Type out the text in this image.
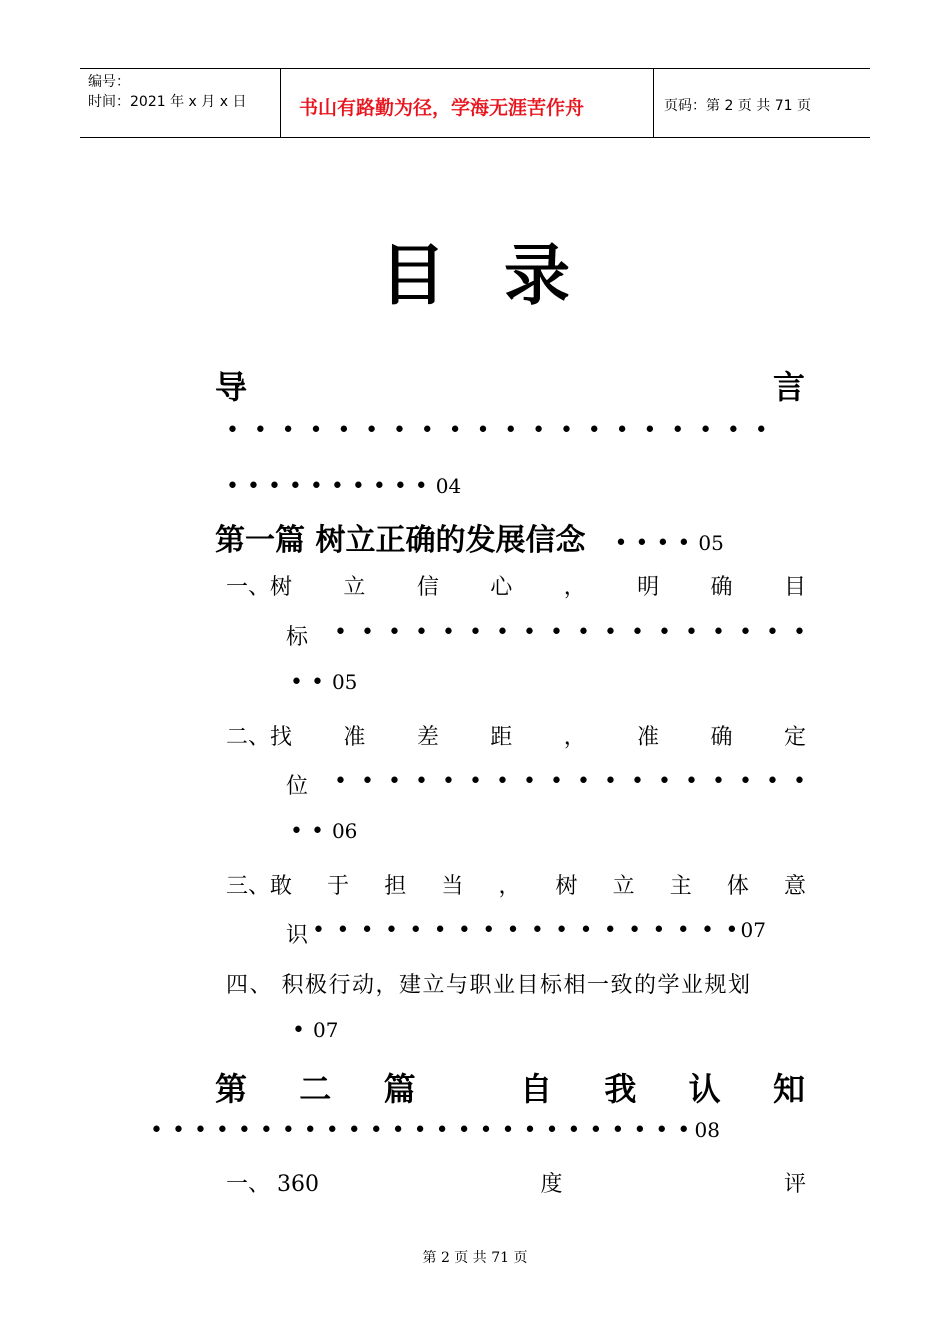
编号：
时间：2021 年 x 月 x 日	书山有路勤为径，学海无涯苦作舟	页码：第 2 页 共 71 页
目录
导	言
• • • • • • • • • • • • • • • • • • • •
••••••••••04
第一篇 树立正确的发展信念 ••••05
一、树 立 信 心 ， 明 确 目
标 • • • • • • • • • • • • • • • • • •
••05
二、找 准 差 距 ， 准 确 定
位 • • • • • • • • • • • • • • • • • •
••06
三、敢 于 担 当 ， 树 立 主 体 意
识 • • • • • • • • • • • • • • • • • • 07
四、 积极行动，建立与职业目标相一致的学业规划
•07
第 二 篇	自 我 认 知
• • • • • • • • • • • • • • • • • • • • • • • • • 08
一、 360	度	评
第 2 页 共 71 页
